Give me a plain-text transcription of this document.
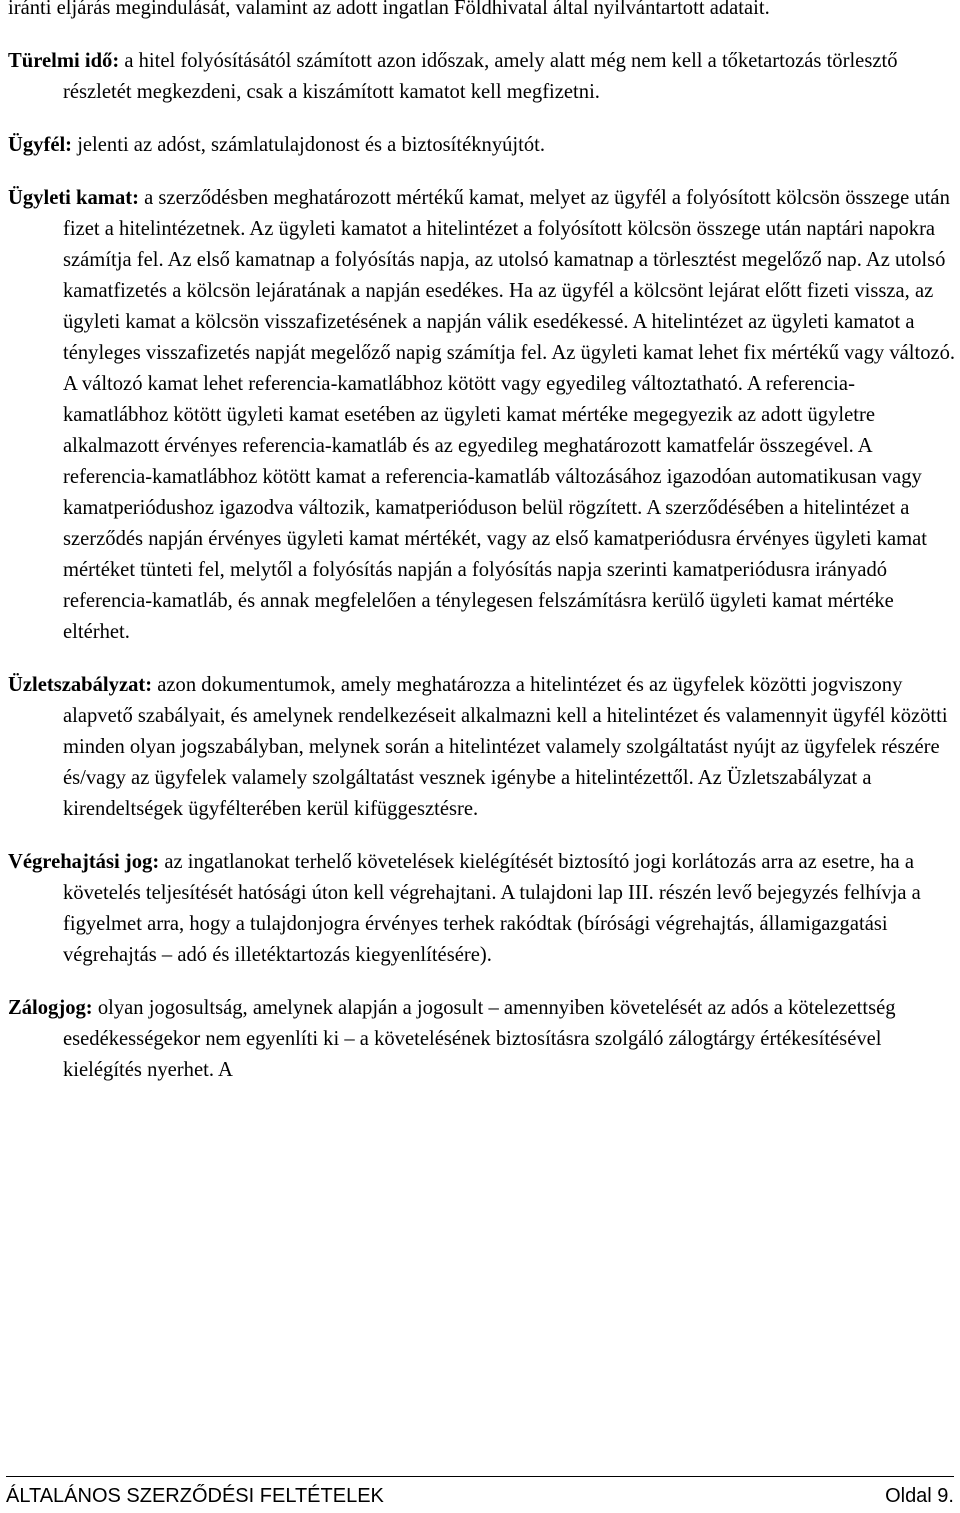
iránti eljárás megindulását, valamint az adott ingatlan Földhivatal által nyilvántartott adatait.

Türelmi idő: a hitel folyósításától számított azon időszak, amely alatt még nem kell a tőketartozás törlesztő részletét megkezdeni, csak a kiszámított kamatot kell megfizetni.

Ügyfél: jelenti az adóst, számlatulajdonost és a biztosítéknyújtót.

Ügyleti kamat: a szerződésben meghatározott mértékű kamat, melyet az ügyfél a folyósított kölcsön összege után fizet a hitelintézetnek. Az ügyleti kamatot a hitelintézet a folyósított kölcsön összege után naptári napokra számítja fel. Az első kamatnap a folyósítás napja, az utolsó kamatnap a törlesztést megelőző nap. Az utolsó kamatfizetés a kölcsön lejáratának a napján esedékes. Ha az ügyfél a kölcsönt lejárat előtt fizeti vissza, az ügyleti kamat a kölcsön visszafizetésének a napján válik esedékessé. A hitelintézet az ügyleti kamatot a tényleges visszafizetés napját megelőző napig számítja fel. Az ügyleti kamat lehet fix mértékű vagy változó. A változó kamat lehet referencia-kamatlábhoz kötött vagy egyedileg változtatható. A referencia-kamatlábhoz kötött ügyleti kamat esetében az ügyleti kamat mértéke megegyezik az adott ügyletre alkalmazott érvényes referencia-kamatláb és az egyedileg meghatározott kamatfelár összegével. A referencia-kamatlábhoz kötött kamat a referencia-kamatláb változásához igazodóan automatikusan vagy kamatperiódushoz igazodva változik, kamatperióduson belül rögzített. A szerződésében a hitelintézet a szerződés napján érvényes ügyleti kamat mértékét, vagy az első kamatperiódusra érvényes ügyleti kamat mértéket tünteti fel, melytől a folyósítás napján a folyósítás napja szerinti kamatperiódusra irányadó referencia-kamatláb, és annak megfelelően a ténylegesen felszámításra kerülő ügyleti kamat mértéke eltérhet.

Üzletszabályzat: azon dokumentumok, amely meghatározza a hitelintézet és az ügyfelek közötti jogviszony alapvető szabályait, és amelynek rendelkezéseit alkalmazni kell a hitelintézet és valamennyit ügyfél közötti minden olyan jogszabályban, melynek során a hitelintézet valamely szolgáltatást nyújt az ügyfelek részére és/vagy az ügyfelek valamely szolgáltatást vesznek igénybe a hitelintézettől. Az Üzletszabályzat a kirendeltségek ügyfélterében kerül kifüggesztésre.

Végrehajtási jog: az ingatlanokat terhelő követelések kielégítését biztosító jogi korlátozás arra az esetre, ha a követelés teljesítését hatósági úton kell végrehajtani. A tulajdoni lap III. részén levő bejegyzés felhívja a figyelmet arra, hogy a tulajdonjogra érvényes terhek rakódtak (bírósági végrehajtás, államigazgatási végrehajtás – adó és illetéktartozás kiegyenlítésére).

Zálogjog: olyan jogosultság, amelynek alapján a jogosult – amennyiben követelését az adós a kötelezettség esedékességekor nem egyenlíti ki – a követelésének biztosításra szolgáló zálogtárgy értékesítésével kielégítés nyerhet. A

ÁLTALÁNOS SZERZŐDÉSI FELTÉTELEK	Oldal 9.
